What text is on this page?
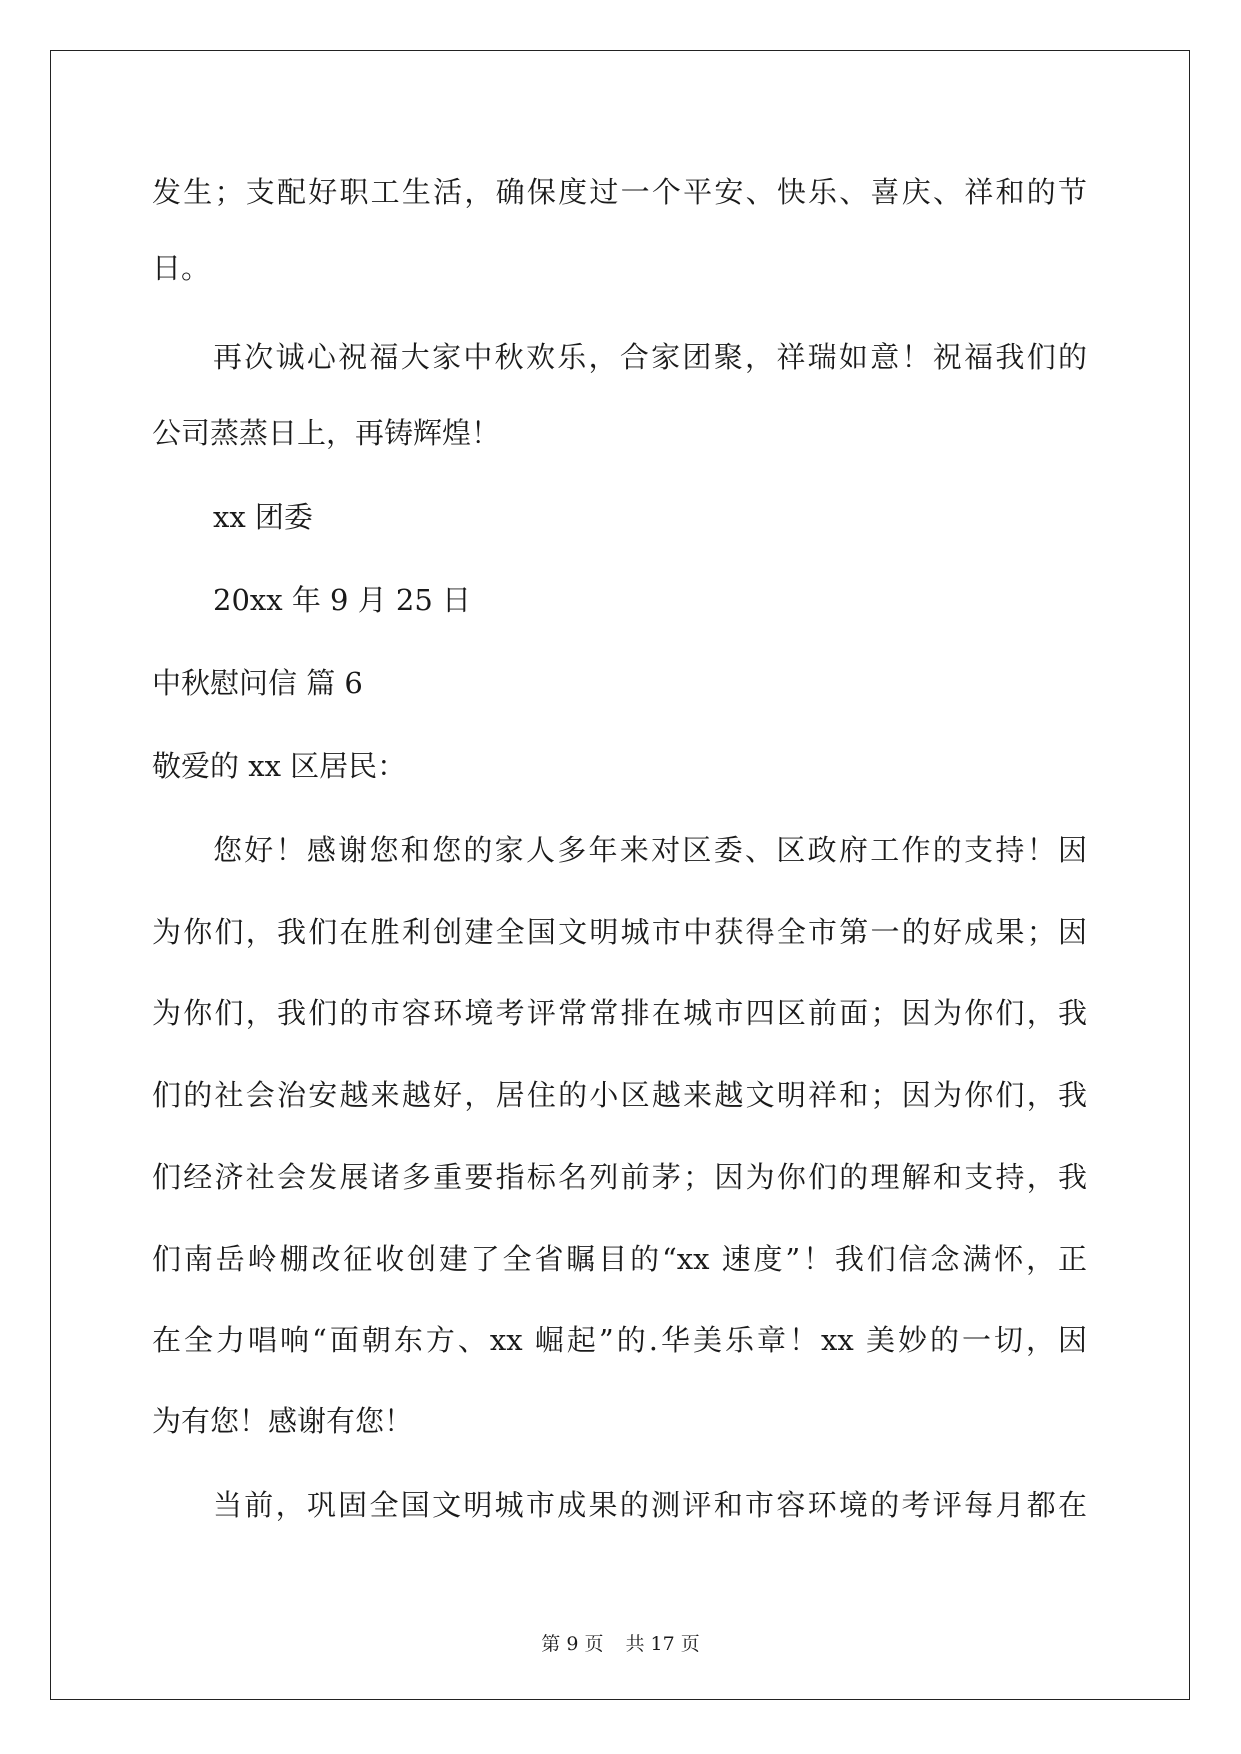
发生；支配好职工生活，确保度过一个平安、快乐、喜庆、祥和的节

日。

再次诚心祝福大家中秋欢乐，合家团聚，祥瑞如意！祝福我们的

公司蒸蒸日上，再铸辉煌！

xx 团委

20xx 年 9 月 25 日

中秋慰问信 篇 6

敬爱的 xx 区居民：

您好！感谢您和您的家人多年来对区委、区政府工作的支持！因

为你们，我们在胜利创建全国文明城市中获得全市第一的好成果；因

为你们，我们的市容环境考评常常排在城市四区前面；因为你们，我

们的社会治安越来越好，居住的小区越来越文明祥和；因为你们，我

们经济社会发展诸多重要指标名列前茅；因为你们的理解和支持，我

们南岳岭棚改征收创建了全省瞩目的“xx 速度”！我们信念满怀，正

在全力唱响“面朝东方、xx 崛起”的.华美乐章！xx 美妙的一切，因

为有您！感谢有您！

当前，巩固全国文明城市成果的测评和市容环境的考评每月都在

第 9 页 共 17 页
